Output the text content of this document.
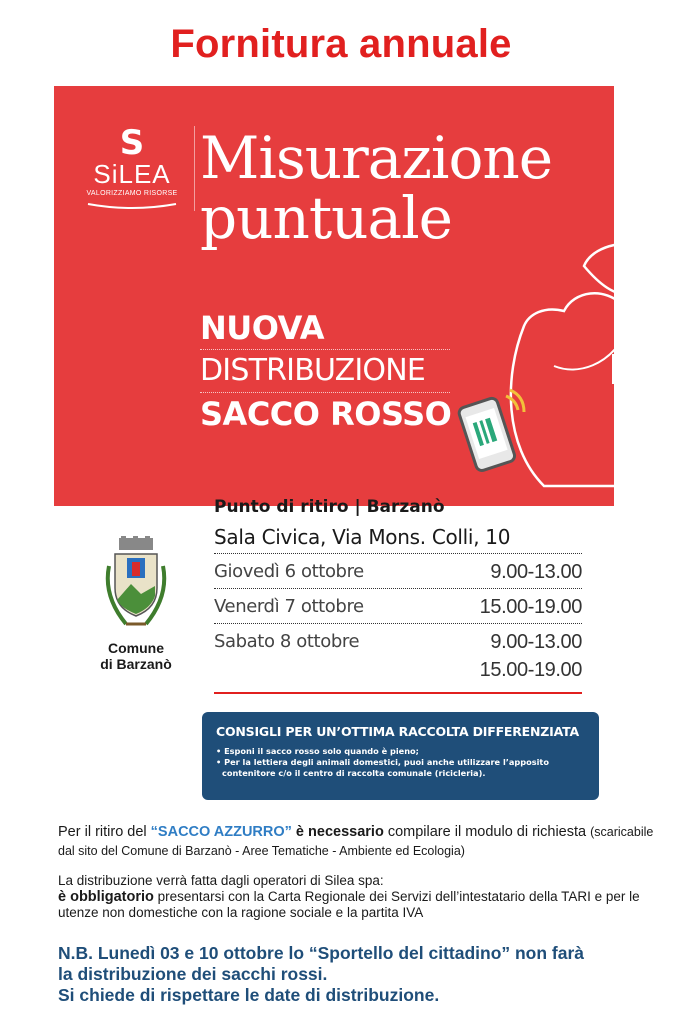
Fornitura annuale
S
SiLEA
VALORIZZIAMO RISORSE
Misurazione
puntuale
NUOVA
DISTRIBUZIONE
SACCO ROSSO
Comune
di Barzanò
Punto di ritiro | Barzanò
Sala Civica, Via Mons. Colli, 10
Giovedì 6 ottobre	9.00-13.00
Venerdì 7 ottobre	15.00-19.00
Sabato 8 ottobre	9.00-13.00
15.00-19.00
CONSIGLI PER UN’OTTIMA RACCOLTA DIFFERENZIATA
• Esponi il sacco rosso solo quando è pieno;
• Per la lettiera degli animali domestici, puoi anche utilizzare l’apposito contenitore c/o il centro di raccolta comunale (ricicleria).
Per il ritiro del “SACCO AZZURRO” è necessario compilare il modulo di richiesta (scaricabile dal sito del Comune di Barzanò - Aree Tematiche - Ambiente ed Ecologia)
La distribuzione verrà fatta dagli operatori di Silea spa:
è obbligatorio presentarsi con la Carta Regionale dei Servizi dell’intestatario della TARI e per le utenze non domestiche con la ragione sociale e la partita IVA
N.B. Lunedì 03 e 10 ottobre lo “Sportello del cittadino” non farà
la distribuzione dei sacchi rossi.
Si chiede di rispettare le date di distribuzione.
